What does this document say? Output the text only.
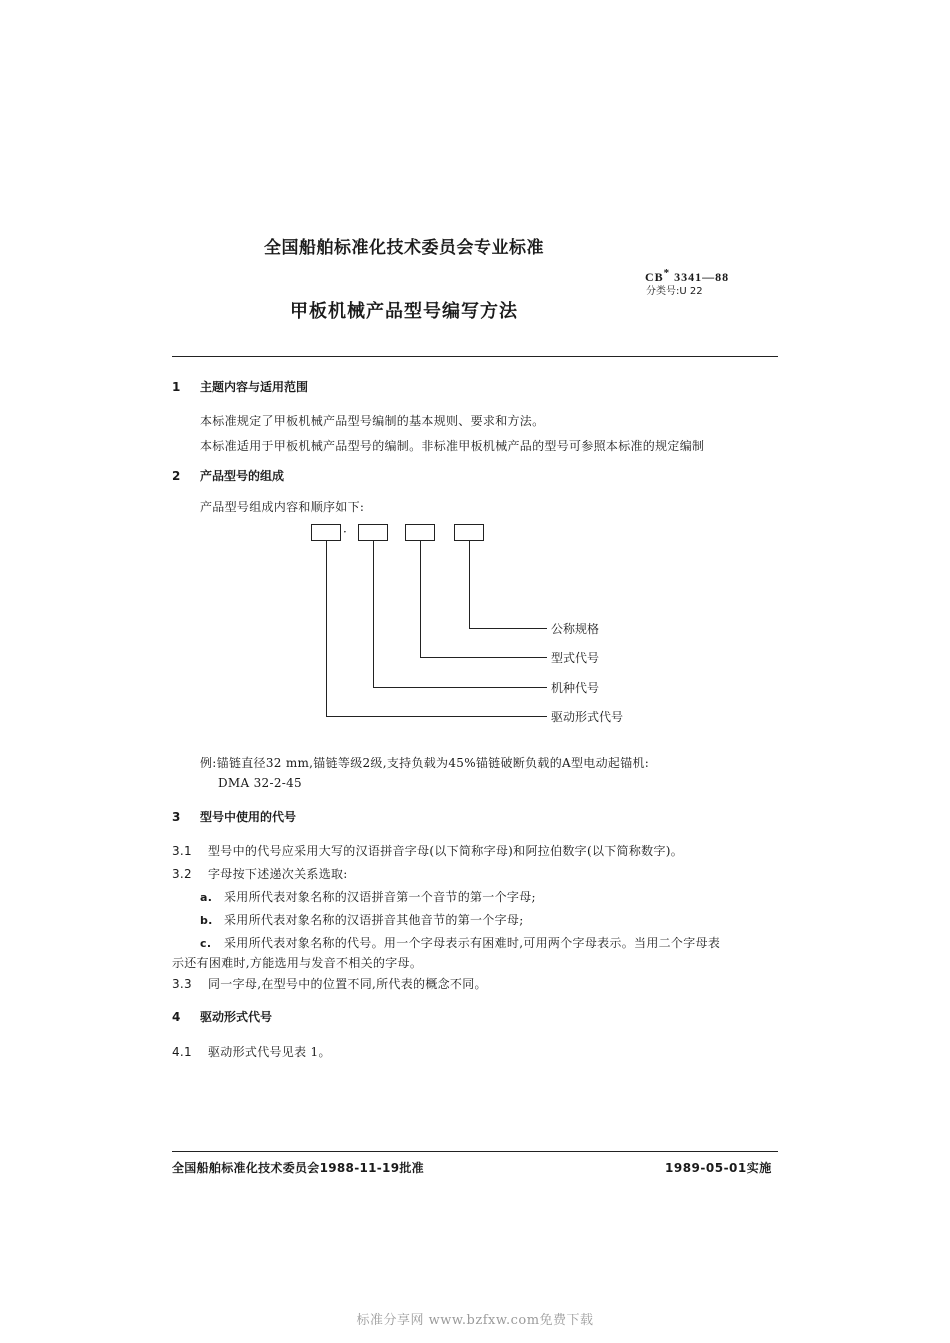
全国船舶标准化技术委员会专业标准
CB* 3341—88
分类号:U 22
甲板机械产品型号编写方法
1 主题内容与适用范围
本标准规定了甲板机械产品型号编制的基本规则、要求和方法。
本标准适用于甲板机械产品型号的编制。非标准甲板机械产品的型号可参照本标准的规定编制
2 产品型号的组成
产品型号组成内容和顺序如下:
·
公称规格
型式代号
机种代号
驱动形式代号
例:锚链直径32 mm,锚链等级2级,支持负载为45%锚链破断负载的A型电动起锚机:
DMA 32-2-45
3 型号中使用的代号
3.1 型号中的代号应采用大写的汉语拼音字母(以下简称字母)和阿拉伯数字(以下简称数字)。
3.2 字母按下述递次关系选取:
a. 采用所代表对象名称的汉语拼音第一个音节的第一个字母;
b. 采用所代表对象名称的汉语拼音其他音节的第一个字母;
c. 采用所代表对象名称的代号。用一个字母表示有困难时,可用两个字母表示。当用二个字母表
示还有困难时,方能选用与发音不相关的字母。
3.3 同一字母,在型号中的位置不同,所代表的概念不同。
4 驱动形式代号
4.1 驱动形式代号见表 1。
全国船舶标准化技术委员会1988-11-19批准	1989-05-01实施
标准分享网 www.bzfxw.com免费下载
